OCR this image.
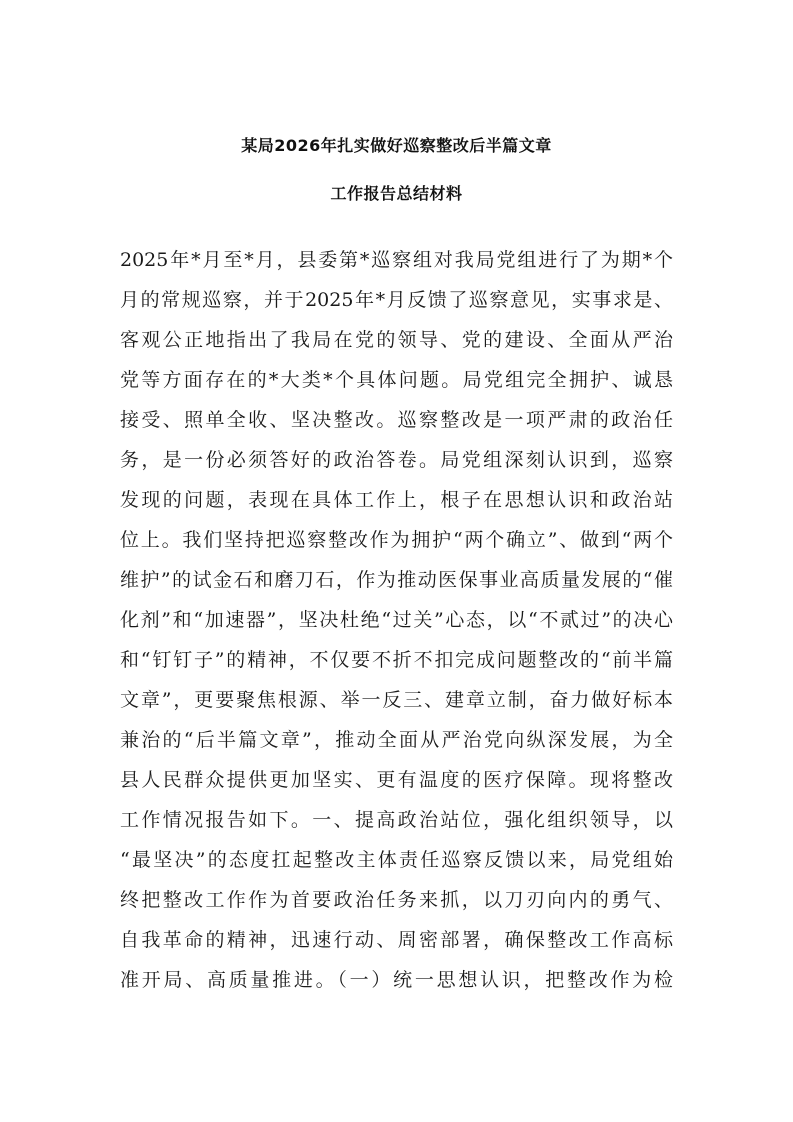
某局2026年扎实做好巡察整改后半篇文章
工作报告总结材料
2025年*月至*月，县委第*巡察组对我局党组进行了为期*个
月的常规巡察，并于2025年*月反馈了巡察意见，实事求是、
客观公正地指出了我局在党的领导、党的建设、全面从严治
党等方面存在的*大类*个具体问题。局党组完全拥护、诚恳
接受、照单全收、坚决整改。巡察整改是一项严肃的政治任
务，是一份必须答好的政治答卷。局党组深刻认识到，巡察
发现的问题，表现在具体工作上，根子在思想认识和政治站
位上。我们坚持把巡察整改作为拥护“两个确立”、做到“两个
维护”的试金石和磨刀石，作为推动医保事业高质量发展的“催
化剂”和“加速器”，坚决杜绝“过关”心态，以“不贰过”的决心
和“钉钉子”的精神，不仅要不折不扣完成问题整改的“前半篇
文章”，更要聚焦根源、举一反三、建章立制，奋力做好标本
兼治的“后半篇文章”，推动全面从严治党向纵深发展，为全
县人民群众提供更加坚实、更有温度的医疗保障。现将整改
工作情况报告如下。一、提高政治站位，强化组织领导，以
“最坚决”的态度扛起整改主体责任巡察反馈以来，局党组始
终把整改工作作为首要政治任务来抓，以刀刃向内的勇气、
自我革命的精神，迅速行动、周密部署，确保整改工作高标
准开局、高质量推进。（一）统一思想认识，把整改作为检
